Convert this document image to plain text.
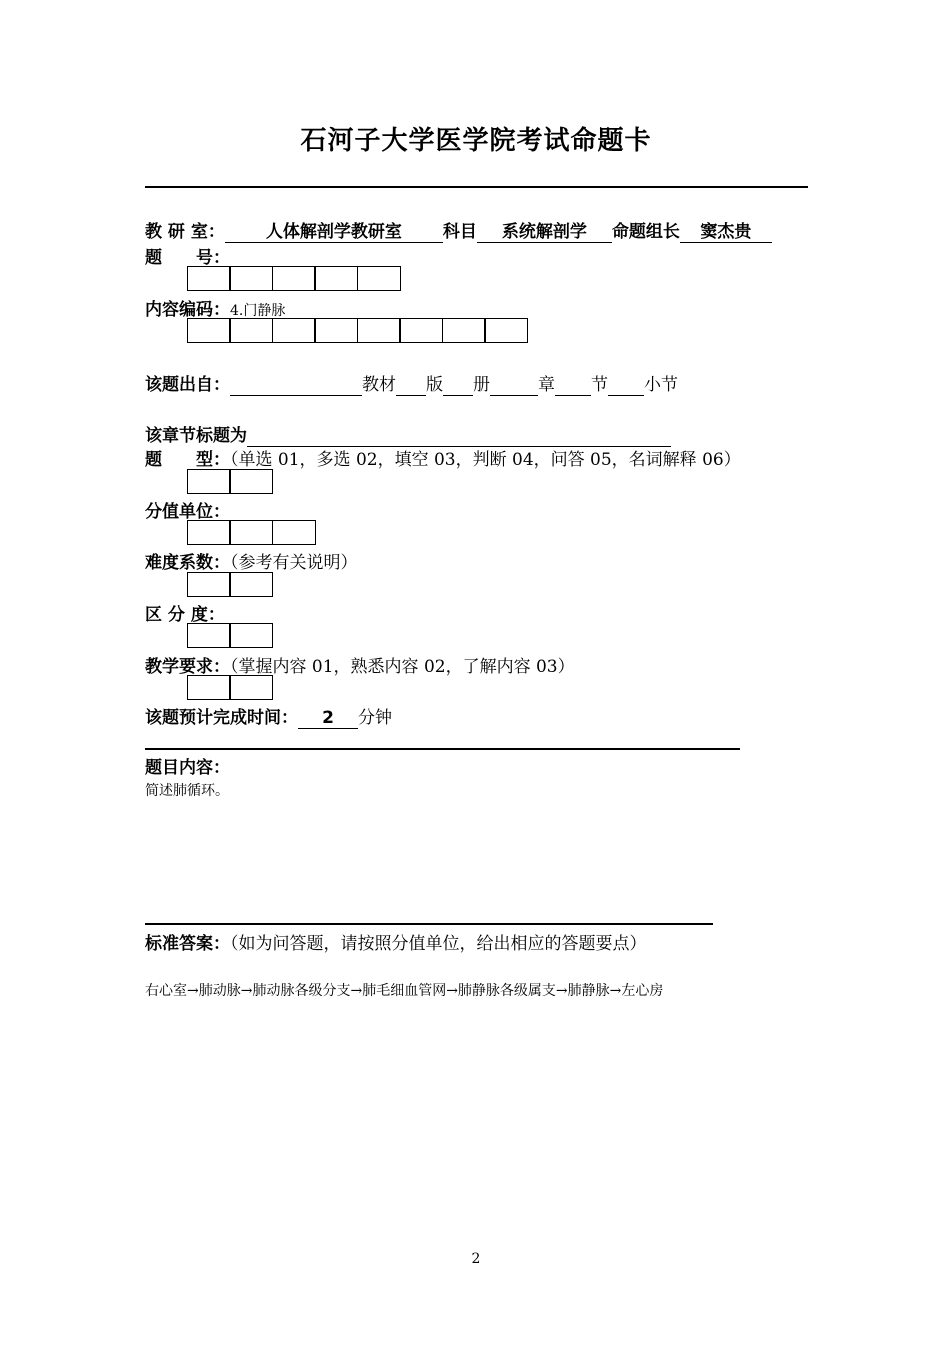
石河子大学医学院考试命题卡
教 研 室： 人体解剖学教研室 科目 系统解剖学 命题组长 窦杰贵
题　　号：
内容编码：4.门静脉
该题出自：	教材 版 册	章 节 小节
该章节标题为
题　　型：（单选 01，多选 02，填空 03，判断 04，问答 05，名词解释 06）
分值单位：
难度系数：（参考有关说明）
区 分 度：
教学要求：（掌握内容 01，熟悉内容 02，了解内容 03）
该题预计完成时间： 2 分钟
题目内容：
简述肺循环。
标准答案：（如为问答题，请按照分值单位，给出相应的答题要点）
右心室→肺动脉→肺动脉各级分支→肺毛细血管网→肺静脉各级属支→肺静脉→左心房
2
